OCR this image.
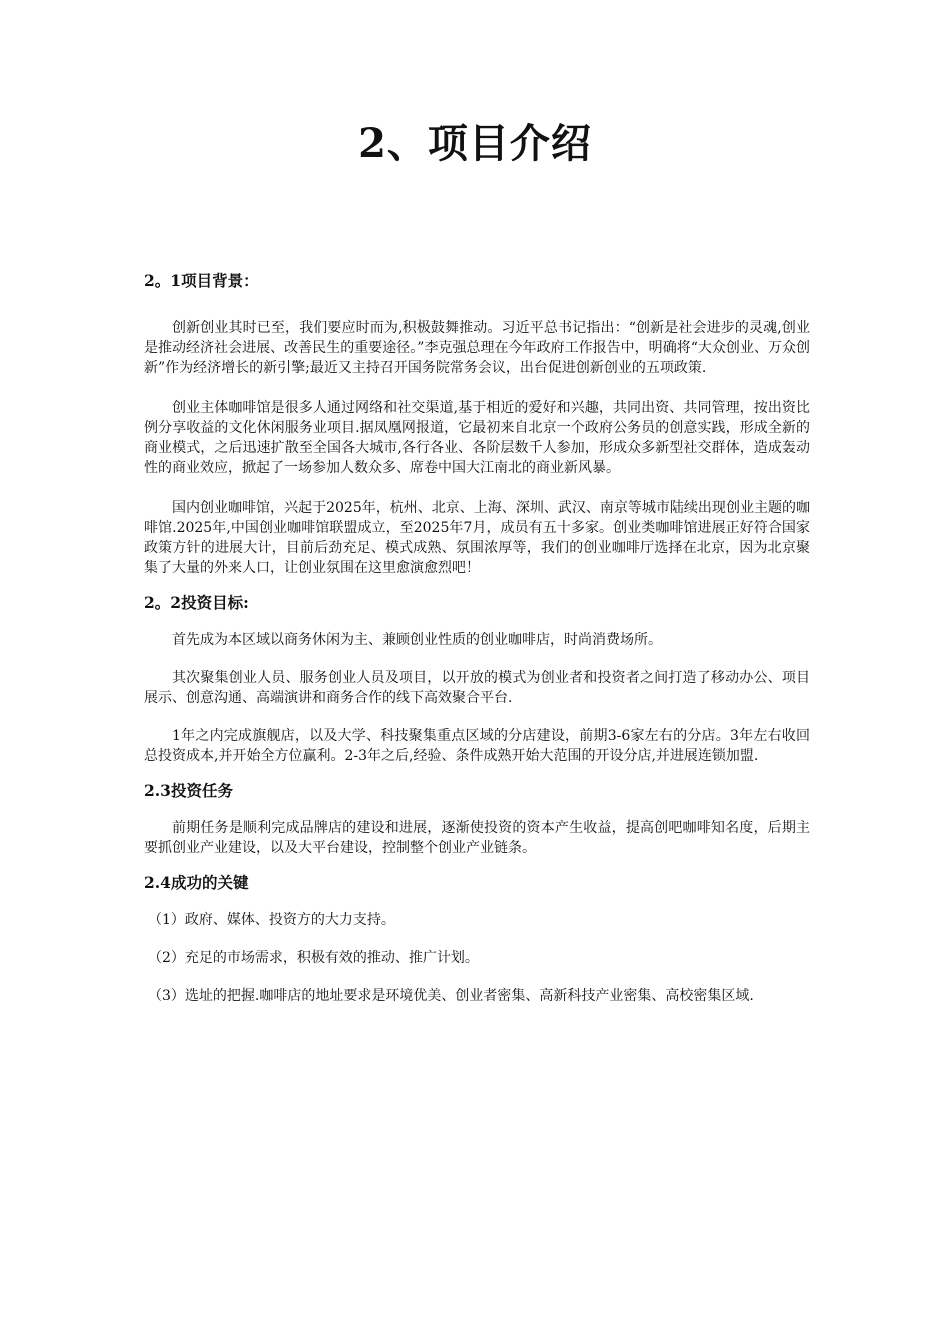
2、项目介绍
2。1项目背景：

创新创业其时已至，我们要应时而为,积极鼓舞推动。习近平总书记指出：“创新是社会进步的灵魂,创业是推动经济社会进展、改善民生的重要途径。”李克强总理在今年政府工作报告中，明确将“大众创业、万众创新”作为经济增长的新引擎;最近又主持召开国务院常务会议，出台促进创新创业的五项政策.

创业主体咖啡馆是很多人通过网络和社交渠道,基于相近的爱好和兴趣，共同出资、共同管理，按出资比例分享收益的文化休闲服务业项目.据凤凰网报道，它最初来自北京一个政府公务员的创意实践，形成全新的商业模式，之后迅速扩散至全国各大城市,各行各业、各阶层数千人参加，形成众多新型社交群体，造成轰动性的商业效应，掀起了一场参加人数众多、席卷中国大江南北的商业新风暴。

国内创业咖啡馆，兴起于2025年，杭州、北京、上海、深圳、武汉、南京等城市陆续出现创业主题的咖啡馆.2025年,中国创业咖啡馆联盟成立，至2025年7月，成员有五十多家。创业类咖啡馆进展正好符合国家政策方针的进展大计，目前后劲充足、模式成熟、氛围浓厚等，我们的创业咖啡厅选择在北京，因为北京聚集了大量的外来人口，让创业氛围在这里愈演愈烈吧！

2。2投资目标:

首先成为本区域以商务休闲为主、兼顾创业性质的创业咖啡店，时尚消费场所。

其次聚集创业人员、服务创业人员及项目，以开放的模式为创业者和投资者之间打造了移动办公、项目展示、创意沟通、高端演讲和商务合作的线下高效聚合平台.

1年之内完成旗舰店，以及大学、科技聚集重点区域的分店建设，前期3-6家左右的分店。3年左右收回总投资成本,并开始全方位赢利。2-3年之后,经验、条件成熟开始大范围的开设分店,并进展连锁加盟.

2.3投资任务

前期任务是顺利完成品牌店的建设和进展，逐渐使投资的资本产生收益，提高创吧咖啡知名度，后期主要抓创业产业建设，以及大平台建设，控制整个创业产业链条。

2.4成功的关键
（1）政府、媒体、投资方的大力支持。
（2）充足的市场需求，积极有效的推动、推广计划。
（3）选址的把握.咖啡店的地址要求是环境优美、创业者密集、高新科技产业密集、高校密集区域.
